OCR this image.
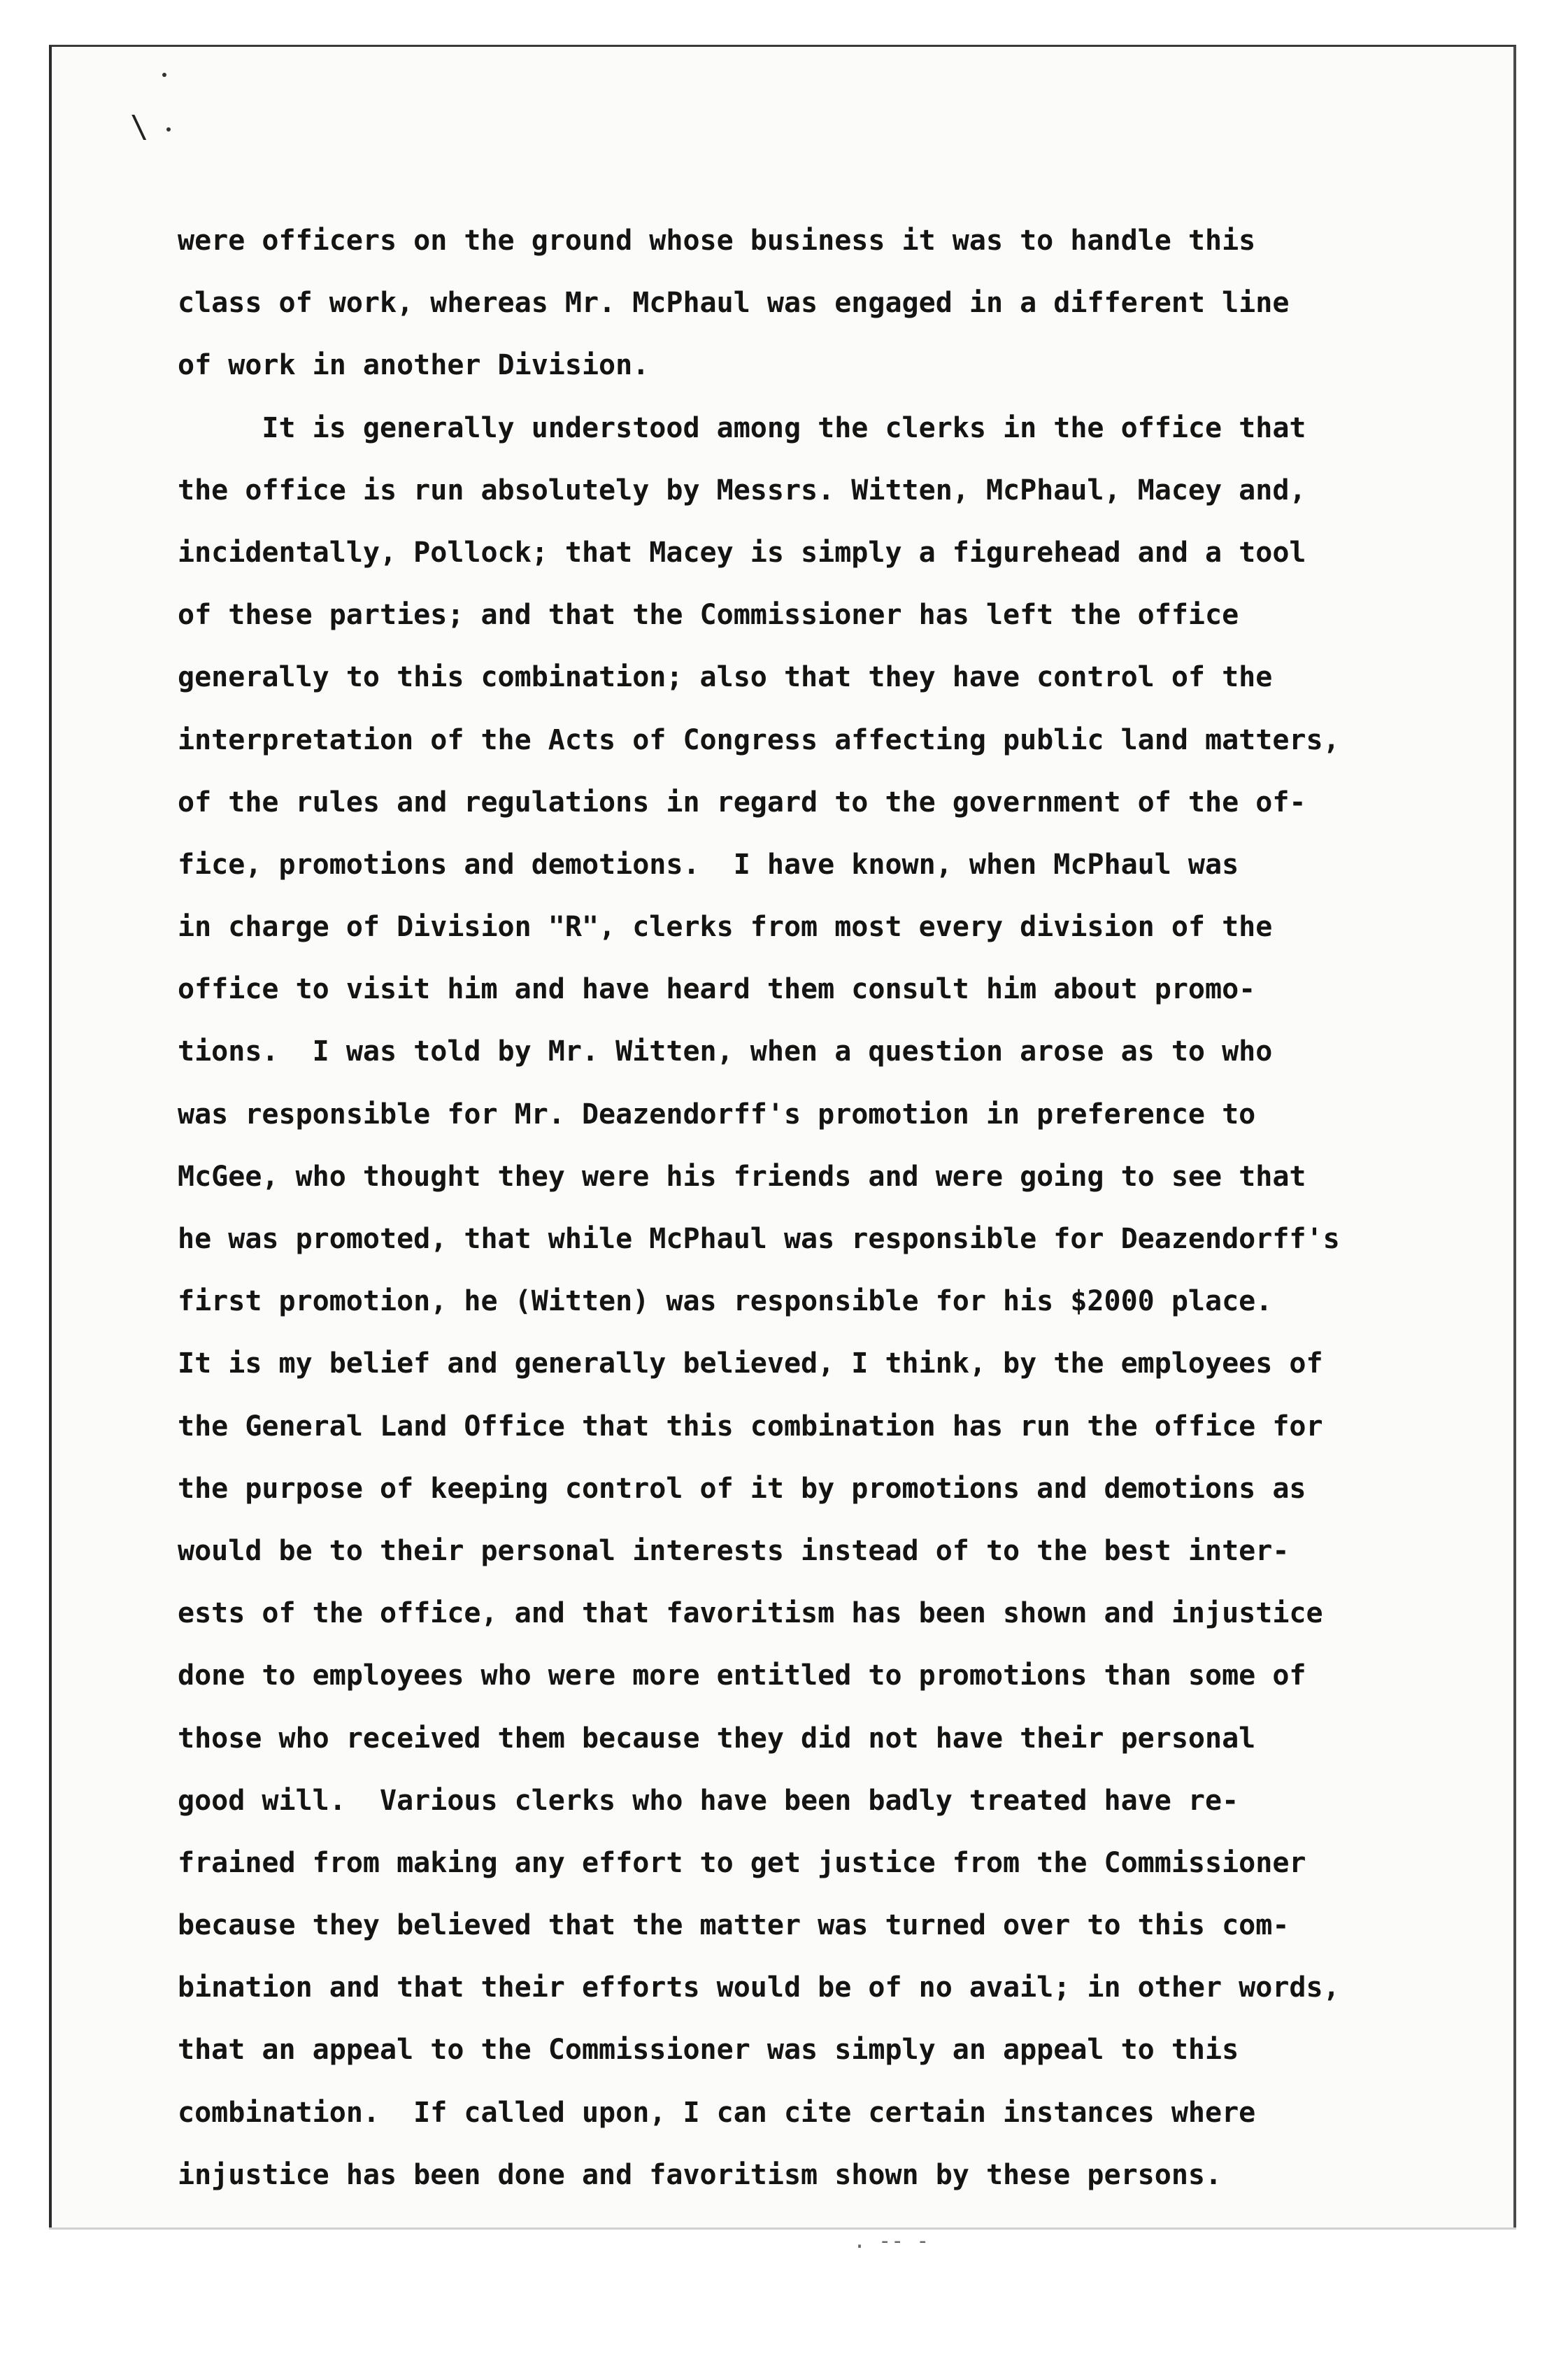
\
were officers on the ground whose business it was to handle this
class of work, whereas Mr. McPhaul was engaged in a different line
of work in another Division.
It is generally understood among the clerks in the office that
the office is run absolutely by Messrs. Witten, McPhaul, Macey and,
incidentally, Pollock; that Macey is simply a figurehead and a tool
of these parties; and that the Commissioner has left the office
generally to this combination; also that they have control of the
interpretation of the Acts of Congress affecting public land matters,
of the rules and regulations in regard to the government of the of-
fice, promotions and demotions.  I have known, when McPhaul was
in charge of Division "R", clerks from most every division of the
office to visit him and have heard them consult him about promo-
tions.  I was told by Mr. Witten, when a question arose as to who
was responsible for Mr. Deazendorff's promotion in preference to
McGee, who thought they were his friends and were going to see that
he was promoted, that while McPhaul was responsible for Deazendorff's
first promotion, he (Witten) was responsible for his $2000 place.
It is my belief and generally believed, I think, by the employees of
the General Land Office that this combination has run the office for
the purpose of keeping control of it by promotions and demotions as
would be to their personal interests instead of to the best inter-
ests of the office, and that favoritism has been shown and injustice
done to employees who were more entitled to promotions than some of
those who received them because they did not have their personal
good will.  Various clerks who have been badly treated have re-
frained from making any effort to get justice from the Commissioner
because they believed that the matter was turned over to this com-
bination and that their efforts would be of no avail; in other words,
that an appeal to the Commissioner was simply an appeal to this
combination.  If called upon, I can cite certain instances where
injustice has been done and favoritism shown by these persons.
. -- -
